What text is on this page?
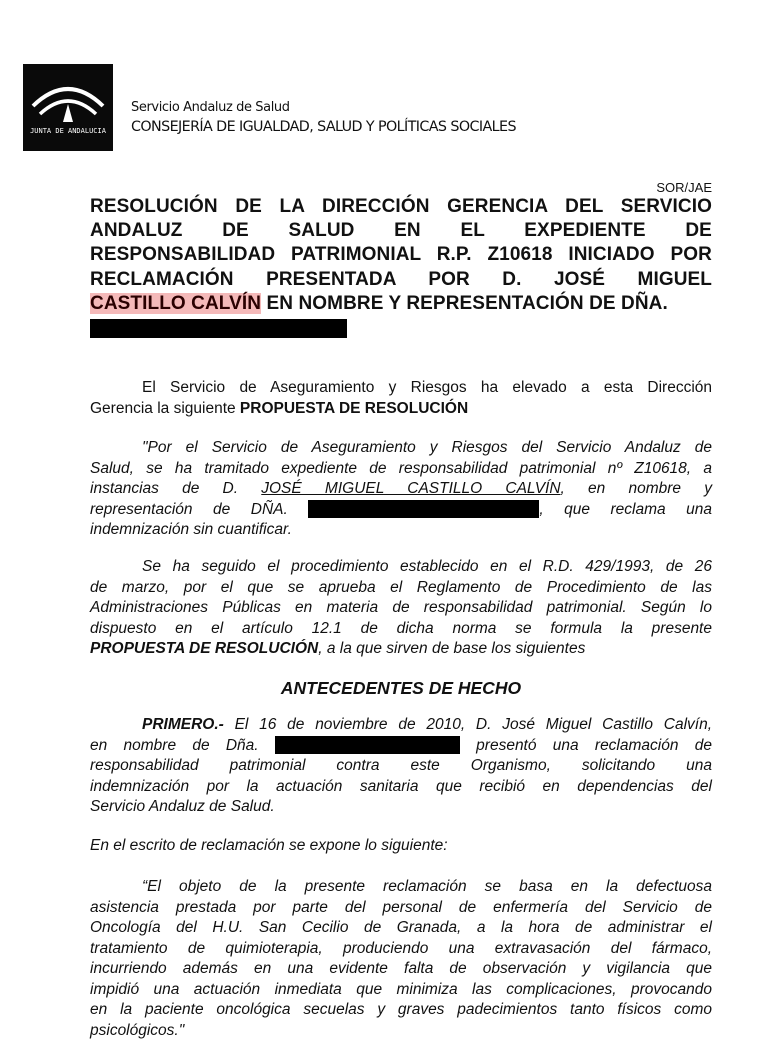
JUNTA DE ANDALUCIA
Servicio Andaluz de Salud
CONSEJERÍA DE IGUALDAD, SALUD Y POLÍTICAS SOCIALES
SOR/JAE
RESOLUCIÓN DE LA DIRECCIÓN GERENCIA DEL SERVICIO
ANDALUZ DE SALUD EN EL EXPEDIENTE DE
RESPONSABILIDAD PATRIMONIAL R.P. Z10618 INICIADO POR
RECLAMACIÓN PRESENTADA POR D. JOSÉ MIGUEL
CASTILLO CALVÍN EN NOMBRE Y REPRESENTACIÓN DE DÑA.
El Servicio de Aseguramiento y Riesgos ha elevado a esta Dirección
Gerencia la siguiente PROPUESTA DE RESOLUCIÓN
"Por el Servicio de Aseguramiento y Riesgos del Servicio Andaluz de
Salud, se ha tramitado expediente de responsabilidad patrimonial nº Z10618, a
instancias de D. JOSÉ MIGUEL CASTILLO CALVÍN, en nombre y
representación de DÑA.	, que reclama una
indemnización sin cuantificar.
Se ha seguido el procedimiento establecido en el R.D. 429/1993, de 26
de marzo, por el que se aprueba el Reglamento de Procedimiento de las
Administraciones Públicas en materia de responsabilidad patrimonial. Según lo
dispuesto en el artículo 12.1 de dicha norma se formula la presente
PROPUESTA DE RESOLUCIÓN, a la que sirven de base los siguientes
ANTECEDENTES DE HECHO
PRIMERO.- El 16 de noviembre de 2010, D. José Miguel Castillo Calvín,
en nombre de Dña.	presentó una reclamación de
responsabilidad patrimonial contra este Organismo, solicitando una
indemnización por la actuación sanitaria que recibió en dependencias del
Servicio Andaluz de Salud.
En el escrito de reclamación se expone lo siguiente:
“El objeto de la presente reclamación se basa en la defectuosa
asistencia prestada por parte del personal de enfermería del Servicio de
Oncología del H.U. San Cecilio de Granada, a la hora de administrar el
tratamiento de quimioterapia, produciendo una extravasación del fármaco,
incurriendo además en una evidente falta de observación y vigilancia que
impidió una actuación inmediata que minimiza las complicaciones, provocando
en la paciente oncológica secuelas y graves padecimientos tanto físicos como
psicológicos."
